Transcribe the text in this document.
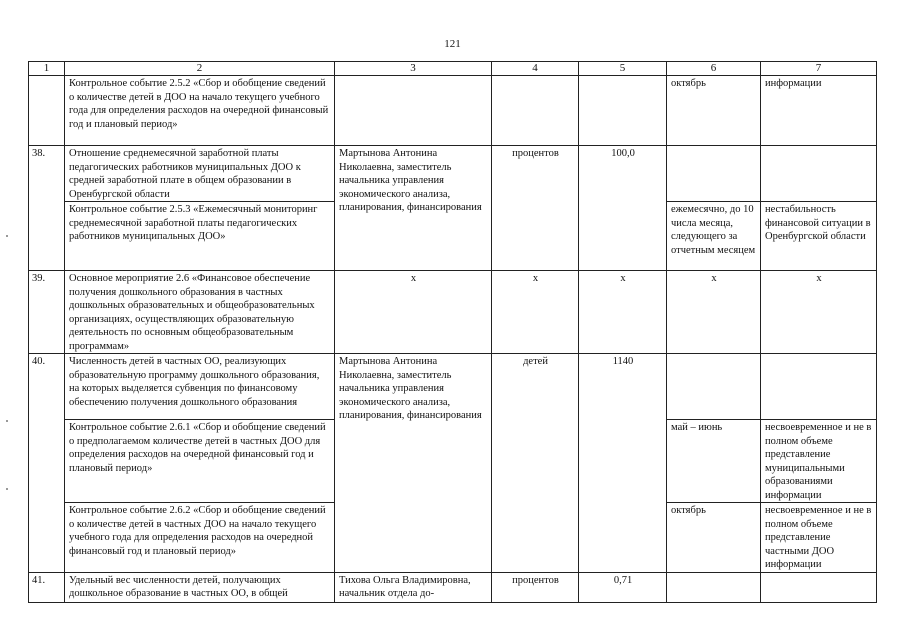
121
1	2	3	4	5	6	7
	Контрольное событие 2.5.2 «Сбор и обобщение сведений о количестве детей в ДОО на начало текущего учебного года для определения расходов на очередной финансовый год и плановый период»				октябрь	информации
38.	Отношение среднемесячной заработной платы педагогических работников муниципальных ДОО к средней заработной плате в общем образовании в Оренбургской области	Мартынова Антонина Николаевна, заместитель начальника управления экономического анализа, планирования, финансирования	процентов	100,0		
	Контрольное событие 2.5.3 «Ежемесячный мониторинг среднемесячной заработной платы педагогических работников муниципальных ДОО»				ежемесячно, до 10 числа месяца, следующего за отчетным месяцем	нестабильность финансовой ситуации в Оренбургской области
39.	Основное мероприятие 2.6 «Финансовое обеспечение получения дошкольного образования в частных дошкольных образовательных и общеобразовательных организациях, осуществляющих образовательную деятельность по основным общеобразовательным программам»	x	x	x	x	x
40.	Численность детей в частных ОО, реализующих образовательную программу дошкольного образования, на которых выделяется субвенция по финансовому обеспечению получения дошкольного образования	Мартынова Антонина Николаевна, заместитель начальника управления экономического анализа, планирования, финансирования	детей	1140		
	Контрольное событие 2.6.1 «Сбор и обобщение сведений о предполагаемом количестве детей в частных ДОО для определения расходов на очередной финансовый год и плановый период»				май – июнь	несвоевременное и не в полном объеме представление муниципальными образованиями информации
	Контрольное событие 2.6.2 «Сбор и обобщение сведений о количестве детей в частных ДОО на начало текущего учебного года для определения расходов на очередной финансовый год и плановый период»				октябрь	несвоевременное и не в полном объеме представление частными ДОО информации
41.	Удельный вес численности детей, получающих дошкольное образование в частных ОО, в общей	Тихова Ольга Владимировна, начальник отдела до-	процентов	0,71		
